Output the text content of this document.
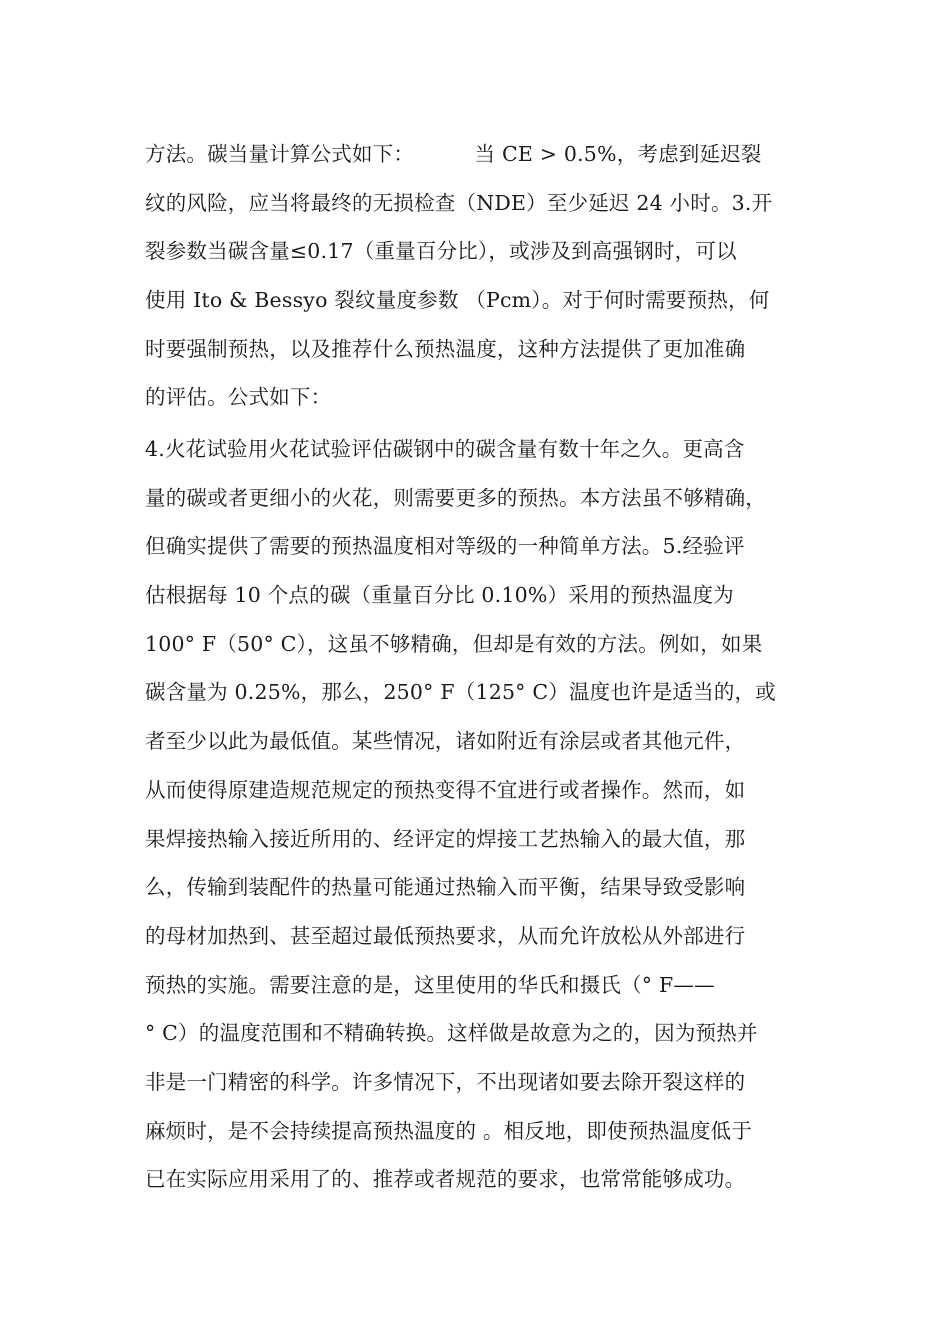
方法。碳当量计算公式如下：         当 CE > 0.5%，考虑到延迟裂
纹的风险，应当将最终的无损检查（NDE）至少延迟 24 小时。3.开
裂参数当碳含量≤0.17（重量百分比），或涉及到高强钢时，可以
使用 Ito & Bessyo 裂纹量度参数 （Pcm）。对于何时需要预热，何
时要强制预热，以及推荐什么预热温度，这种方法提供了更加准确
的评估。公式如下：
4.火花试验用火花试验评估碳钢中的碳含量有数十年之久。更高含
量的碳或者更细小的火花，则需要更多的预热。本方法虽不够精确，
但确实提供了需要的预热温度相对等级的一种简单方法。5.经验评
估根据每 10 个点的碳（重量百分比 0.10%）采用的预热温度为
100° F（50° C），这虽不够精确，但却是有效的方法。例如，如果
碳含量为 0.25%，那么，250° F（125° C）温度也许是适当的，或
者至少以此为最低值。某些情况，诸如附近有涂层或者其他元件，
从而使得原建造规范规定的预热变得不宜进行或者操作。然而，如
果焊接热输入接近所用的、经评定的焊接工艺热输入的最大值，那
么，传输到装配件的热量可能通过热输入而平衡，结果导致受影响
的母材加热到、甚至超过最低预热要求，从而允许放松从外部进行
预热的实施。需要注意的是，这里使用的华氏和摄氏（° F——
° C）的温度范围和不精确转换。这样做是故意为之的，因为预热并
非是一门精密的科学。许多情况下，不出现诸如要去除开裂这样的
麻烦时，是不会持续提高预热温度的 。相反地，即使预热温度低于
已在实际应用采用了的、推荐或者规范的要求，也常常能够成功。
